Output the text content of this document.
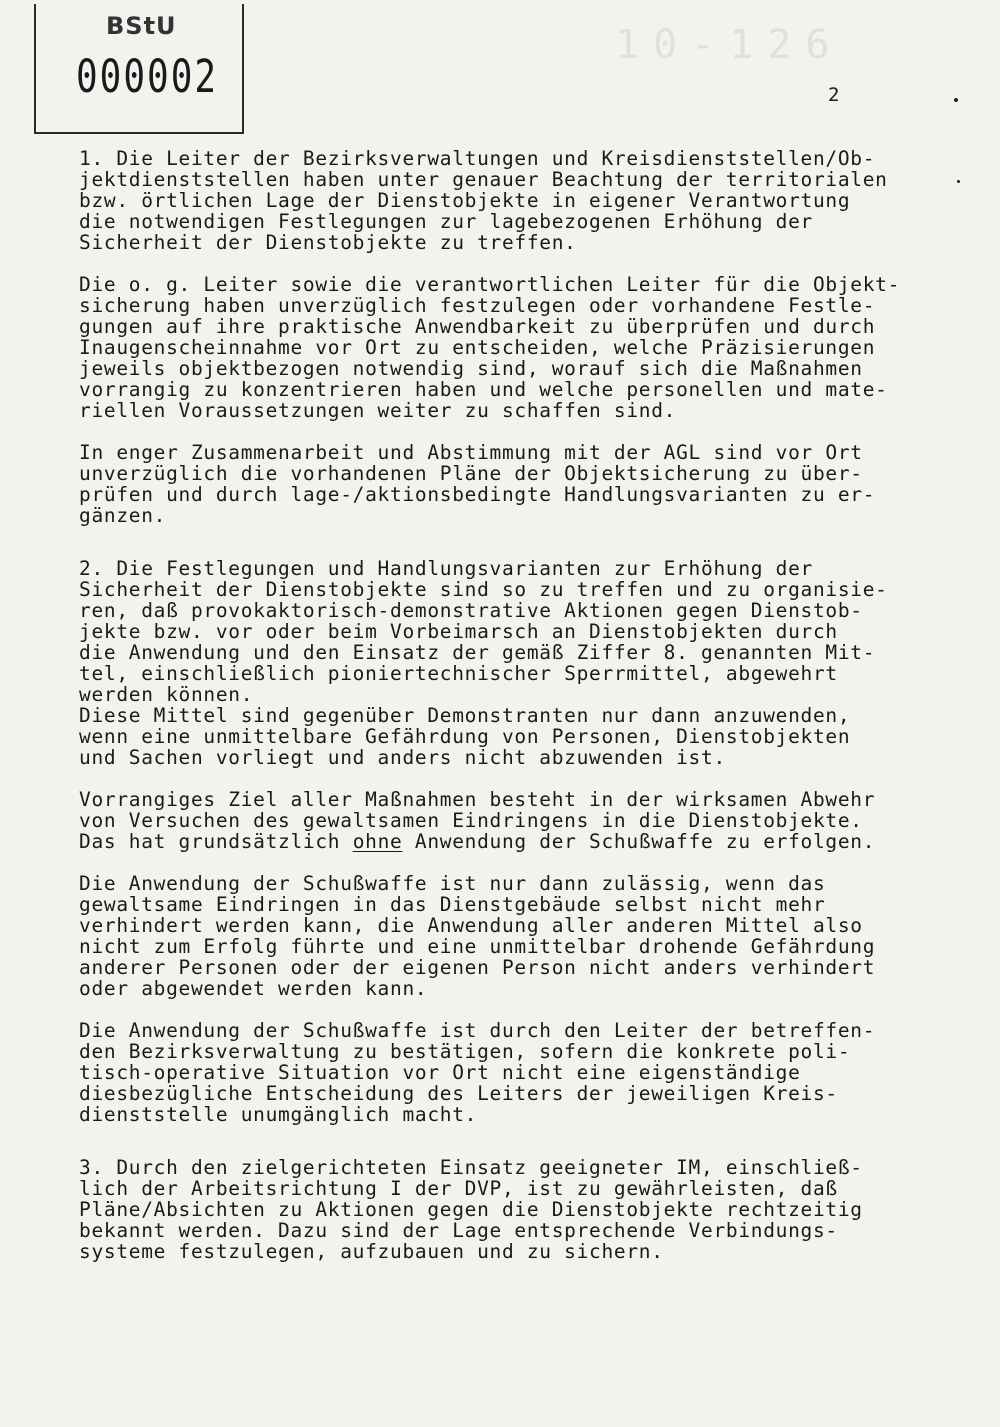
10-126
BStU
000002	2
1. Die Leiter der Bezirksverwaltungen und Kreisdienststellen/Ob-
jektdienststellen haben unter genauer Beachtung der territorialen
bzw. örtlichen Lage der Dienstobjekte in eigener Verantwortung
die notwendigen Festlegungen zur lagebezogenen Erhöhung der
Sicherheit der Dienstobjekte zu treffen.
Die o. g. Leiter sowie die verantwortlichen Leiter für die Objekt-
sicherung haben unverzüglich festzulegen oder vorhandene Festle-
gungen auf ihre praktische Anwendbarkeit zu überprüfen und durch
Inaugenscheinnahme vor Ort zu entscheiden, welche Präzisierungen
jeweils objektbezogen notwendig sind, worauf sich die Maßnahmen
vorrangig zu konzentrieren haben und welche personellen und mate-
riellen Voraussetzungen weiter zu schaffen sind.
In enger Zusammenarbeit und Abstimmung mit der AGL sind vor Ort
unverzüglich die vorhandenen Pläne der Objektsicherung zu über-
prüfen und durch lage-/aktionsbedingte Handlungsvarianten zu er-
gänzen.
2. Die Festlegungen und Handlungsvarianten zur Erhöhung der
Sicherheit der Dienstobjekte sind so zu treffen und zu organisie-
ren, daß provokaktorisch-demonstrative Aktionen gegen Dienstob-
jekte bzw. vor oder beim Vorbeimarsch an Dienstobjekten durch
die Anwendung und den Einsatz der gemäß Ziffer 8. genannten Mit-
tel, einschließlich pioniertechnischer Sperrmittel, abgewehrt
werden können.
Diese Mittel sind gegenüber Demonstranten nur dann anzuwenden,
wenn eine unmittelbare Gefährdung von Personen, Dienstobjekten
und Sachen vorliegt und anders nicht abzuwenden ist.
Vorrangiges Ziel aller Maßnahmen besteht in der wirksamen Abwehr
von Versuchen des gewaltsamen Eindringens in die Dienstobjekte.
Das hat grundsätzlich ohne Anwendung der Schußwaffe zu erfolgen.
Die Anwendung der Schußwaffe ist nur dann zulässig, wenn das
gewaltsame Eindringen in das Dienstgebäude selbst nicht mehr
verhindert werden kann, die Anwendung aller anderen Mittel also
nicht zum Erfolg führte und eine unmittelbar drohende Gefährdung
anderer Personen oder der eigenen Person nicht anders verhindert
oder abgewendet werden kann.
Die Anwendung der Schußwaffe ist durch den Leiter der betreffen-
den Bezirksverwaltung zu bestätigen, sofern die konkrete poli-
tisch-operative Situation vor Ort nicht eine eigenständige
diesbezügliche Entscheidung des Leiters der jeweiligen Kreis-
dienststelle unumgänglich macht.
3. Durch den zielgerichteten Einsatz geeigneter IM, einschließ-
lich der Arbeitsrichtung I der DVP, ist zu gewährleisten, daß
Pläne/Absichten zu Aktionen gegen die Dienstobjekte rechtzeitig
bekannt werden. Dazu sind der Lage entsprechende Verbindungs-
systeme festzulegen, aufzubauen und zu sichern.
